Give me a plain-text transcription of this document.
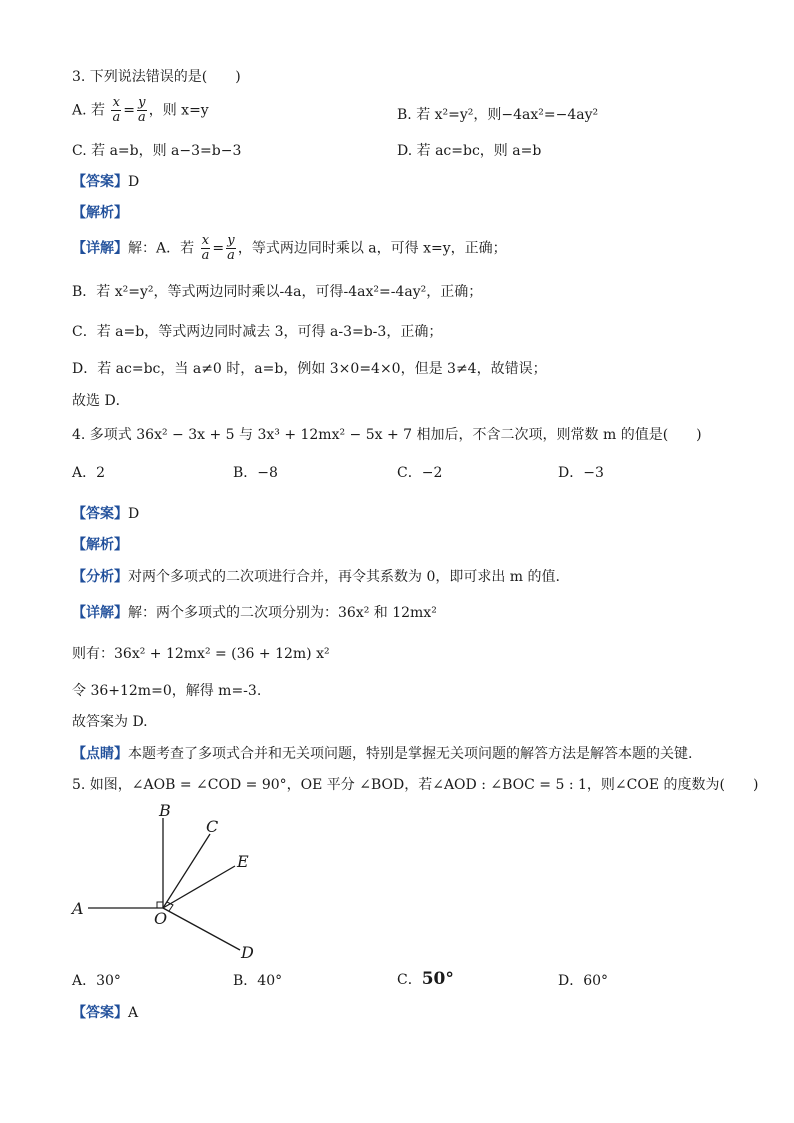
3. 下列说法错误的是(　　)
A. 若 $\frac{x}{a} = \frac{y}{a}$ ，则 x=y	B. 若 x²=y²，则−4ax²=−4ay²
C. 若 a=b，则 a−3=b−3	D. 若 ac=bc，则 a=b
【答案】D
【解析】
【详解】解：A．若 $\frac{x}{a} = \frac{y}{a}$ ，等式两边同时乘以 a，可得 x=y，正确；
B．若 x²=y²，等式两边同时乘以-4a，可得-4ax²=-4ay²，正确；
C．若 a=b，等式两边同时减去 3，可得 a-3=b-3，正确；
D．若 ac=bc，当 a≠0 时，a=b，例如 3×0=4×0，但是 3≠4，故错误；
故选 D．
4. 多项式 36x² − 3x + 5 与 3x³ + 12mx² − 5x + 7 相加后，不含二次项，则常数 m 的值是(　　)
A．2	B．−8	C．−2	D．−3
【答案】D
【解析】
【分析】对两个多项式的二次项进行合并，再令其系数为 0，即可求出 m 的值.
【详解】解：两个多项式的二次项分别为：36x² 和 12mx²
则有：36x² + 12mx² = (36 + 12m) x²
令 36+12m=0，解得 m=-3.
故答案为 D.
【点睛】本题考查了多项式合并和无关项问题，特别是掌握无关项问题的解答方法是解答本题的关键.
5. 如图，∠AOB = ∠COD = 90°，OE 平分 ∠BOD，若∠AOD : ∠BOC = 5 : 1，则∠COE 的度数为(　　)
A
B
C
E
D
O
A．30°	B．40°	C．50°	D．60°
【答案】A
